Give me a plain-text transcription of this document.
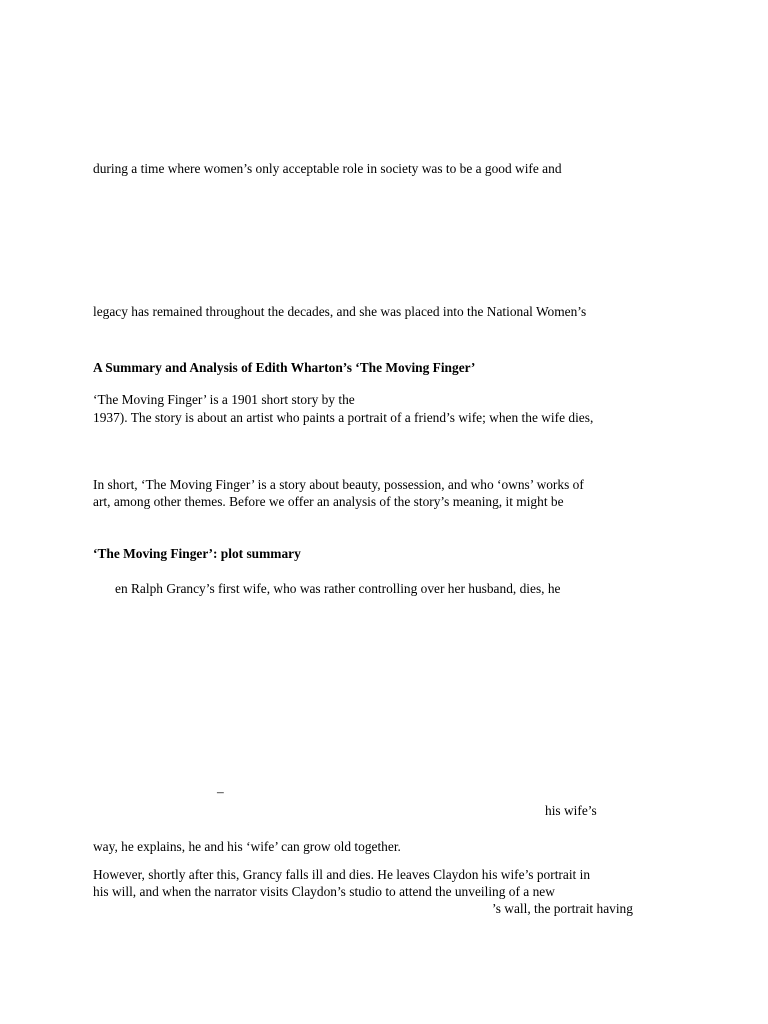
during a time where women’s only acceptable role in society was to be a good wife and

legacy has remained throughout the decades, and she was placed into the National Women’s

A Summary and Analysis of Edith Wharton’s ‘The Moving Finger’

‘The Moving Finger’ is a 1901 short story by the

1937). The story is about an artist who paints a portrait of a friend’s wife; when the wife dies,

In short, ‘The Moving Finger’ is a story about beauty, possession, and who ‘owns’ works of

art, among other themes. Before we offer an analysis of the story’s meaning, it might be

‘The Moving Finger’: plot summary

en Ralph Grancy’s first wife, who was rather controlling over her husband, dies, he

–

his wife’s

way, he explains, he and his ‘wife’ can grow old together.

However, shortly after this, Grancy falls ill and dies. He leaves Claydon his wife’s portrait in

his will, and when the narrator visits Claydon’s studio to attend the unveiling of a new

’s wall, the portrait having
